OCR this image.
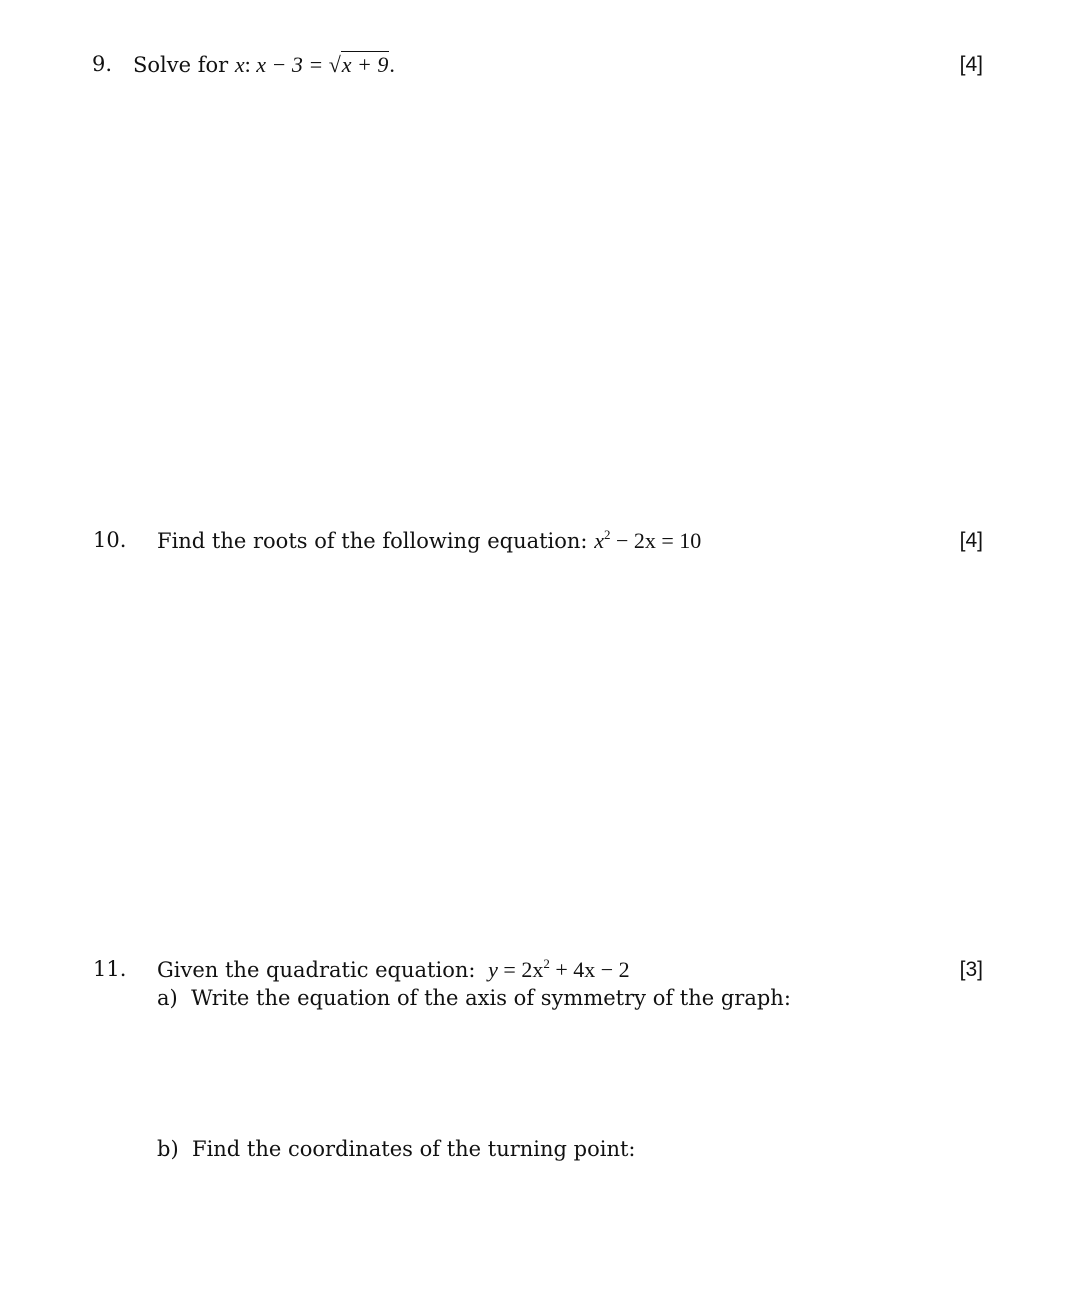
9. Solve for x: x − 3 = √x + 9.	[4]
10. Find the roots of the following equation: $x^2 - 2x = 10$	[4]
11. Given the quadratic equation: $y = 2x^2 + 4x - 2$	[3]
a) Write the equation of the axis of symmetry of the graph:
b) Find the coordinates of the turning point:
